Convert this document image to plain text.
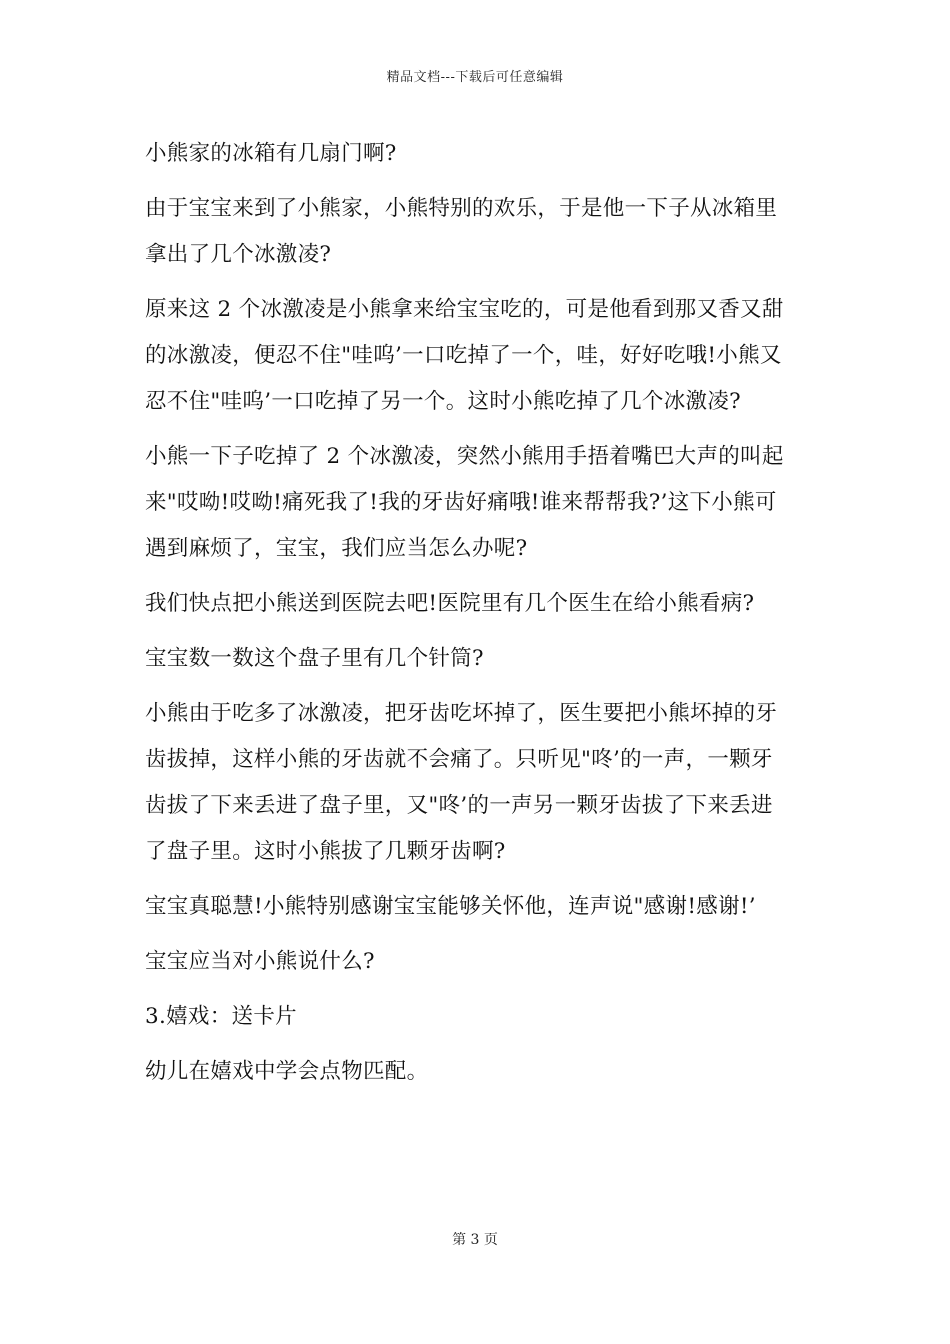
精品文档---下载后可任意编辑

小熊家的冰箱有几扇门啊?

由于宝宝来到了小熊家，小熊特别的欢乐，于是他一下子从冰箱里

拿出了几个冰激凌?

原来这 2 个冰激凌是小熊拿来给宝宝吃的，可是他看到那又香又甜

的冰激凌，便忍不住"哇呜’一口吃掉了一个，哇，好好吃哦!小熊又

忍不住"哇呜’一口吃掉了另一个。这时小熊吃掉了几个冰激凌?

小熊一下子吃掉了 2 个冰激凌，突然小熊用手捂着嘴巴大声的叫起

来"哎呦!哎呦!痛死我了!我的牙齿好痛哦!谁来帮帮我?’这下小熊可

遇到麻烦了，宝宝，我们应当怎么办呢?

我们快点把小熊送到医院去吧!医院里有几个医生在给小熊看病?

宝宝数一数这个盘子里有几个针筒?

小熊由于吃多了冰激凌，把牙齿吃坏掉了，医生要把小熊坏掉的牙

齿拔掉，这样小熊的牙齿就不会痛了。只听见"咚’的一声，一颗牙

齿拔了下来丢进了盘子里，又"咚’的一声另一颗牙齿拔了下来丢进

了盘子里。这时小熊拔了几颗牙齿啊?

宝宝真聪慧!小熊特别感谢宝宝能够关怀他，连声说"感谢!感谢!’

宝宝应当对小熊说什么?

3.嬉戏：送卡片

幼儿在嬉戏中学会点物匹配。

第 3 页
